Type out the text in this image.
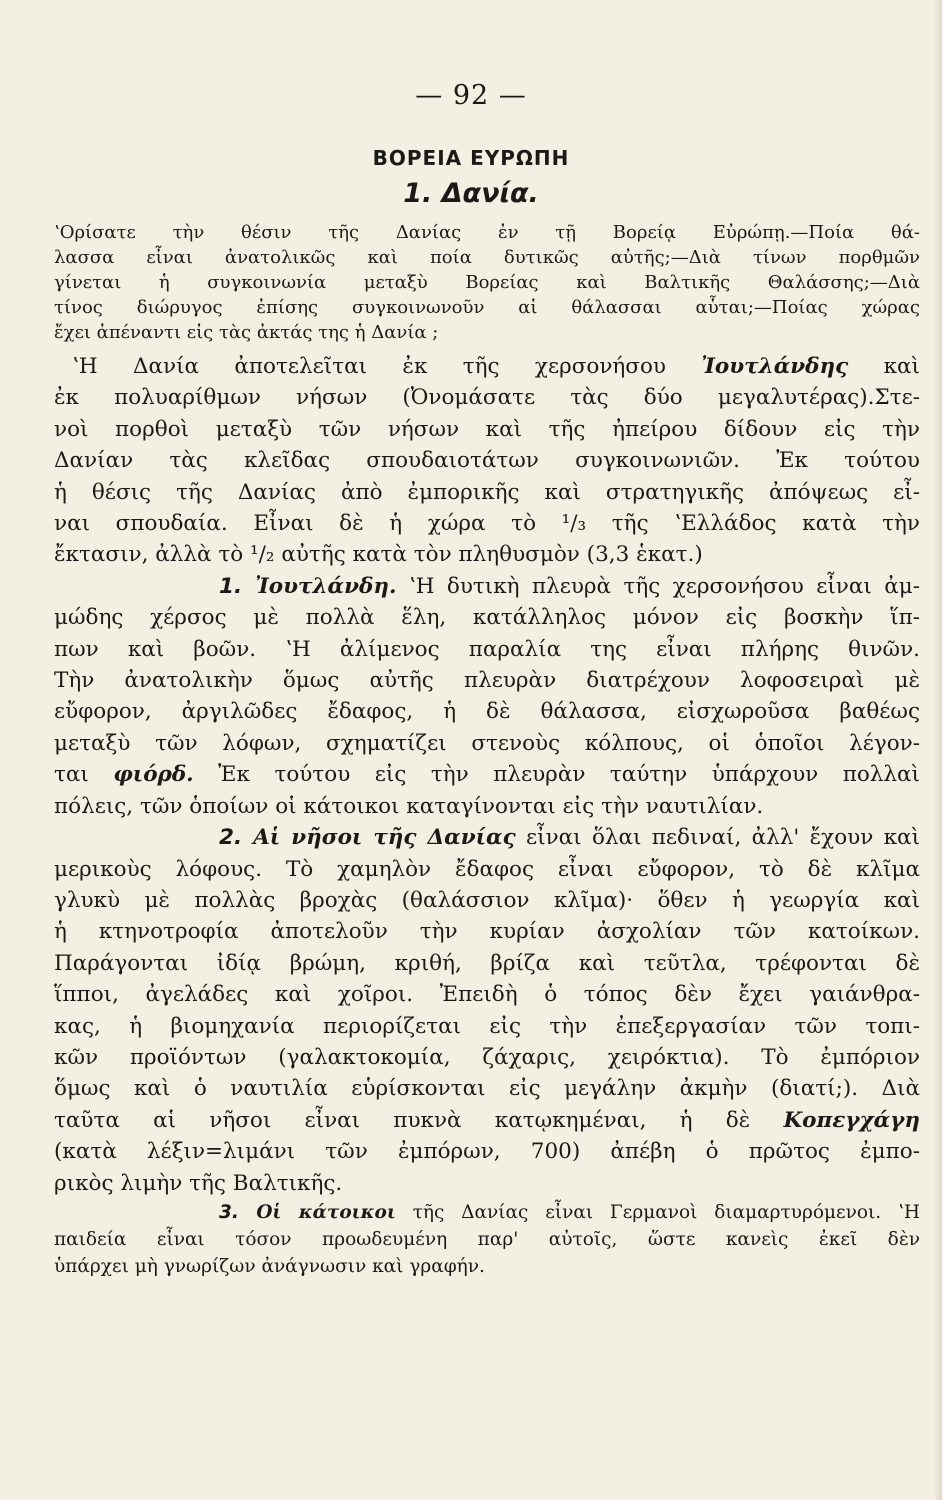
— 92 —
ΒΟΡΕΙΑ ΕΥΡΩΠΗ
1. Δανία.
ʽΟρίσατε τὴν θέσιν τῆς Δανίας ἐν τῇ Βορείᾳ Εὐρώπῃ.—Ποία θά-
λασσα εἶναι ἀνατολικῶς καὶ ποία δυτικῶς αὐτῆς;—Διὰ τίνων πορθμῶν
γίνεται ἡ συγκοινωνία μεταξὺ Βορείας καὶ Βαλτικῆς Θαλάσσης;—Διὰ
τίνος διώρυγος ἐπίσης συγκοινωνοῦν αἱ θάλασσαι αὗται;—Ποίας χώρας
ἔχει ἀπέναντι εἰς τὰς ἀκτάς της ἡ Δανία ;
ʽΗ Δανία ἀποτελεῖται ἐκ τῆς χερσονήσου Ἰουτλάνδης καὶ
ἐκ πολυαρίθμων νήσων (Ὀνομάσατε τὰς δύο μεγαλυτέρας).Στε-
νοὶ πορθοὶ μεταξὺ τῶν νήσων καὶ τῆς ἠπείρου δίδουν εἰς τὴν
Δανίαν τὰς κλεῖδας σπουδαιοτάτων συγκοινωνιῶν. Ἐκ τούτου
ἡ θέσις τῆς Δανίας ἀπὸ ἐμπορικῆς καὶ στρατηγικῆς ἀπόψεως εἶ-
ναι σπουδαία. Εἶναι δὲ ἡ χώρα τὸ ¹/₃ τῆς ʽΕλλάδος κατὰ τὴν
ἔκτασιν, ἀλλὰ τὸ ¹/₂ αὐτῆς κατὰ τὸν πληθυσμὸν (3,3 ἑκατ.)
1. Ἰουτλάνδη. ʽΗ δυτικὴ πλευρὰ τῆς χερσονήσου εἶναι ἀμ-
μώδης χέρσος μὲ πολλὰ ἕλη, κατάλληλος μόνον εἰς βοσκὴν ἵπ-
πων καὶ βοῶν. ʽΗ ἀλίμενος παραλία της εἶναι πλήρης θινῶν.
Τὴν ἀνατολικὴν ὅμως αὐτῆς πλευρὰν διατρέχουν λοφοσειραὶ μὲ
εὔφορον, ἀργιλῶδες ἔδαφος, ἡ δὲ θάλασσα, εἰσχωροῦσα βαθέως
μεταξὺ τῶν λόφων, σχηματίζει στενοὺς κόλπους, οἱ ὁποῖοι λέγον-
ται φιόρδ. Ἐκ τούτου εἰς τὴν πλευρὰν ταύτην ὑπάρχουν πολλαὶ
πόλεις, τῶν ὁποίων οἱ κάτοικοι καταγίνονται εἰς τὴν ναυτιλίαν.
2. Αἱ νῆσοι τῆς Δανίας εἶναι ὅλαι πεδιναί, ἀλλ' ἔχουν καὶ
μερικοὺς λόφους. Τὸ χαμηλὸν ἔδαφος εἶναι εὔφορον, τὸ δὲ κλῖμα
γλυκὺ μὲ πολλὰς βροχὰς (θαλάσσιον κλῖμα)· ὅθεν ἡ γεωργία καὶ
ἡ κτηνοτροφία ἀποτελοῦν τὴν κυρίαν ἀσχολίαν τῶν κατοίκων.
Παράγονται ἰδίᾳ βρώμη, κριθή, βρίζα καὶ τεῦτλα, τρέφονται δὲ
ἵπποι, ἀγελάδες καὶ χοῖροι. Ἐπειδὴ ὁ τόπος δὲν ἔχει γαιάνθρα-
κας, ἡ βιομηχανία περιορίζεται εἰς τὴν ἐπεξεργασίαν τῶν τοπι-
κῶν προϊόντων (γαλακτοκομία, ζάχαρις, χειρόκτια). Τὸ ἐμπόριον
ὅμως καὶ ὁ ναυτιλία εὑρίσκονται εἰς μεγάλην ἀκμὴν (διατί;). Διὰ
ταῦτα αἱ νῆσοι εἶναι πυκνὰ κατῳκημέναι, ἡ δὲ Κοπεγχάγη
(κατὰ λέξιν=λιμάνι τῶν ἐμπόρων, 700) ἀπέβη ὁ πρῶτος ἐμπο-
ρικὸς λιμὴν τῆς Βαλτικῆς.
3. Οἱ κάτοικοι τῆς Δανίας εἶναι Γερμανοὶ διαμαρτυρόμενοι. ʽΗ
παιδεία εἶναι τόσον προωδευμένη παρ' αὐτοῖς, ὥστε κανεὶς ἐκεῖ δὲν
ὑπάρχει μὴ γνωρίζων ἀνάγνωσιν καὶ γραφήν.
